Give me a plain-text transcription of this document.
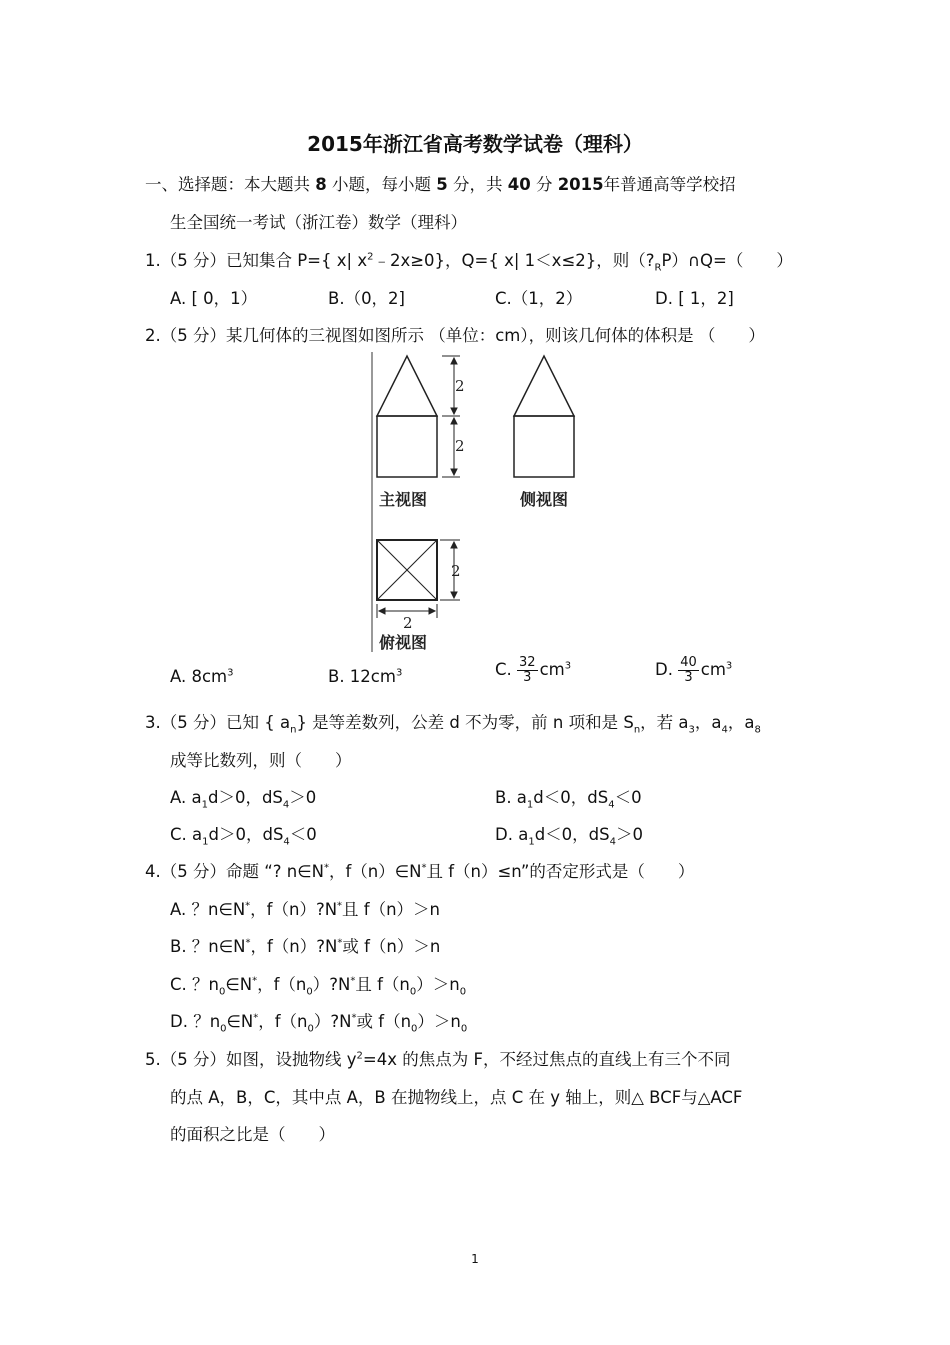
2015年浙江省高考数学试卷（理科）
一、选择题：本大题共 8 小题，每小题 5 分，共 40 分 2015年普通高等学校招
生全国统一考试（浙江卷）数学（理科）
1.（5 分）已知集合 P={ x| $x^2﹣2x\ge 0$}，Q={ x| 1＜x≤2}，则$(?_RP)\cap Q=$（　　）
A. [ 0，1）	B.（0，2]	C.（1，2）	D. [ 1，2]
2.（5 分）某几何体的三视图如图所示 （单位：cm），则该几何体的体积是 （　　）
2
2
主视图	侧视图
2
2
俯视图
A. $8cm^3$	B. $12cm^3$	C. $\frac{32}{3} cm^3$	D. $\frac{40}{3} cm^3$
3.（5 分）已知 { $a_n$} 是等差数列，公差 d 不为零，前 n 项和是 $S_n$，若 $a_3$，$a_4$，$a_8$
成等比数列，则（　　）
A. $a_1d>0$，$dS_4>0$	B. $a_1d<0$，$dS_4<0$
C. $a_1d>0$，$dS_4<0$	D. $a_1d<0$，$dS_4>0$
4.（5 分）命题 “? n∈N*，f（n）∈N*且 f（n）≤n”的否定形式是（　　）
A. ？n∈N*，f（n）?N*且 f（n）＞n
B. ？n∈N*，f（n）?N*或 f（n）＞n
C. ？$n_0\in N^*$，$f(n_0)?N^*$且 $f(n_0)>n_0$
D. ？$n_0\in N^*$，$f(n_0)?N^*$或 $f(n_0)>n_0$
5.（5 分）如图，设抛物线 $y^2=4x$ 的焦点为 F，不经过焦点的直线上有三个不同
的点 A，B，C，其中点 A，B 在抛物线上，点 C 在 y 轴上，则△ BCF与△ACF
的面积之比是（　　）
1
